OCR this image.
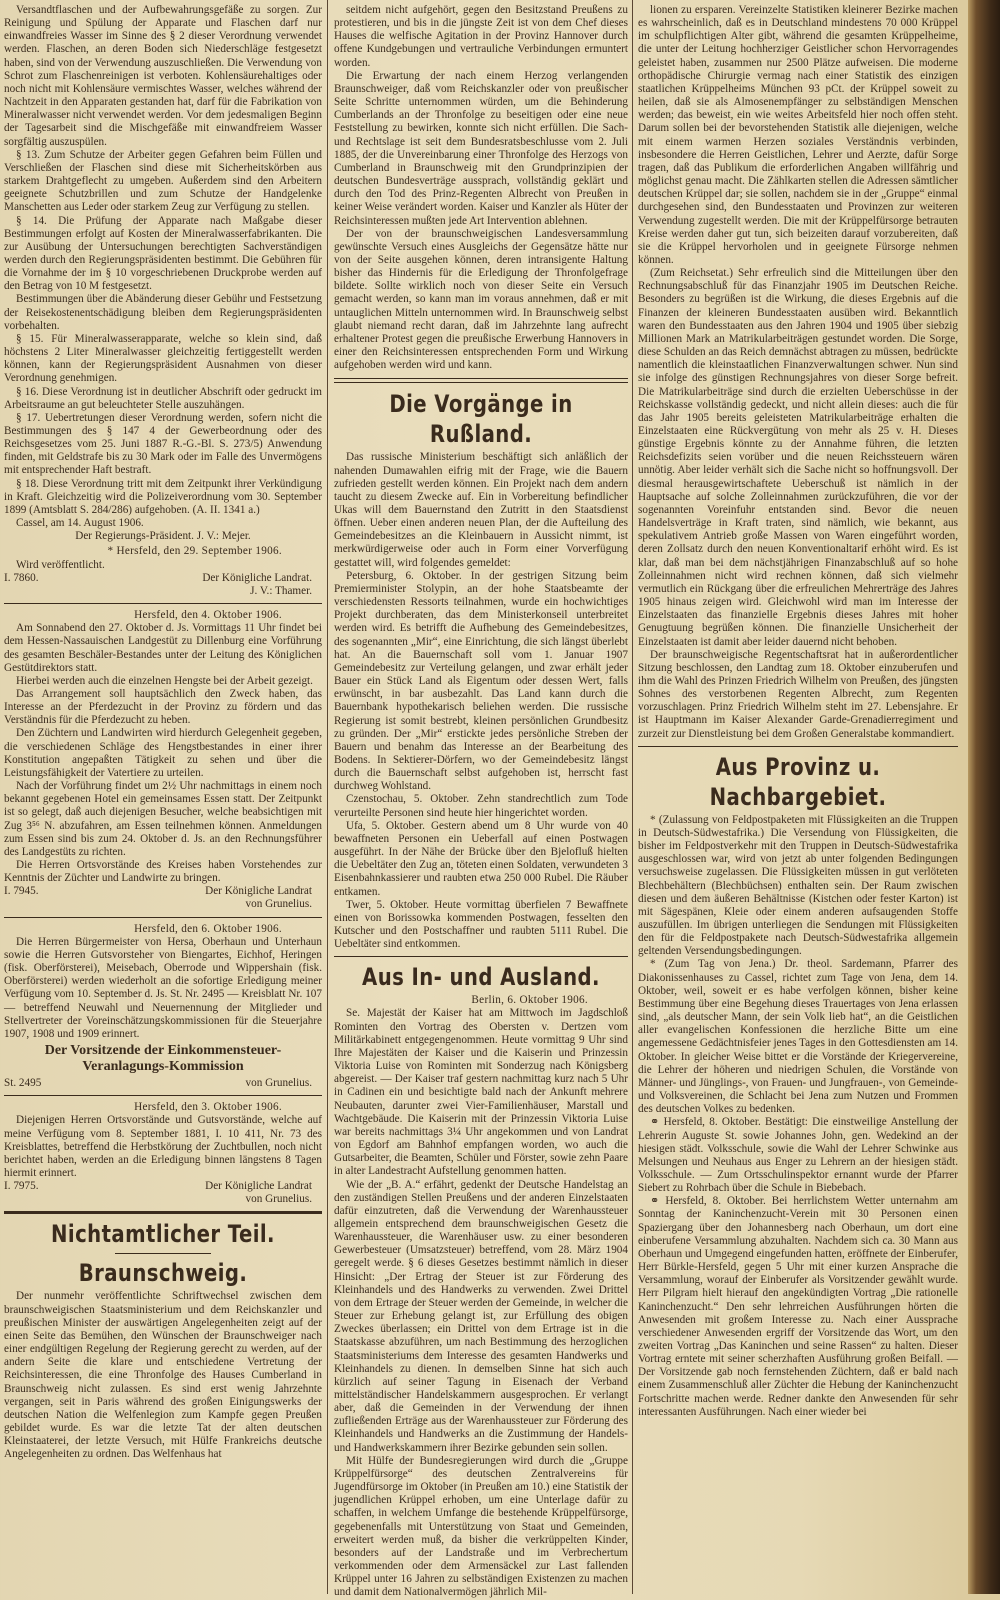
Versandtflaschen und der Aufbewahrungsgefäße zu sorgen. Zur Reinigung und Spülung der Apparate und Flaschen darf nur einwandfreies Wasser im Sinne des § 2 dieser Verordnung verwendet werden. Flaschen, an deren Boden sich Niederschläge festgesetzt haben, sind von der Verwendung auszuschließen. Die Verwendung von Schrot zum Flaschenreinigen ist verboten. Kohlensäurehaltiges oder noch nicht mit Kohlensäure vermischtes Wasser, welches während der Nachtzeit in den Apparaten gestanden hat, darf für die Fabrikation von Mineralwasser nicht verwendet werden. Vor dem jedesmaligen Beginn der Tagesarbeit sind die Mischgefäße mit einwandfreiem Wasser sorgfältig auszuspülen.

§ 13. Zum Schutze der Arbeiter gegen Gefahren beim Füllen und Verschließen der Flaschen sind diese mit Sicherheitskörben aus starkem Drahtgeflecht zu umgeben. Außerdem sind den Arbeitern geeignete Schutzbrillen und zum Schutze der Handgelenke Manschetten aus Leder oder starkem Zeug zur Verfügung zu stellen.

§ 14. Die Prüfung der Apparate nach Maßgabe dieser Bestimmungen erfolgt auf Kosten der Mineralwasserfabrikanten. Die zur Ausübung der Untersuchungen berechtigten Sachverständigen werden durch den Regierungspräsidenten bestimmt. Die Gebühren für die Vornahme der im § 10 vorgeschriebenen Druckprobe werden auf den Betrag von 10 M festgesetzt.

Bestimmungen über die Abänderung dieser Gebühr und Festsetzung der Reisekostenentschädigung bleiben dem Regierungspräsidenten vorbehalten.

§ 15. Für Mineralwasserapparate, welche so klein sind, daß höchstens 2 Liter Mineralwasser gleichzeitig fertiggestellt werden können, kann der Regierungspräsident Ausnahmen von dieser Verordnung genehmigen.

§ 16. Diese Verordnung ist in deutlicher Abschrift oder gedruckt im Arbeitsraume an gut beleuchteter Stelle auszuhängen.

§ 17. Uebertretungen dieser Verordnung werden, sofern nicht die Bestimmungen des § 147 4 der Gewerbeordnung oder des Reichsgesetzes vom 25. Juni 1887 R.-G.-Bl. S. 273/5) Anwendung finden, mit Geldstrafe bis zu 30 Mark oder im Falle des Unvermögens mit entsprechender Haft bestraft.

§ 18. Diese Verordnung tritt mit dem Zeitpunkt ihrer Verkündigung in Kraft. Gleichzeitig wird die Polizeiverordnung vom 30. September 1899 (Amtsblatt S. 284/286) aufgehoben. (A. II. 1341 a.)

Cassel, am 14. August 1906.

Der Regierungs-Präsident. J. V.: Mejer.

* Hersfeld, den 29. September 1906.

Wird veröffentlicht.

I. 7860.	Der Königliche Landrat.

J. V.: Thamer.

Hersfeld, den 4. Oktober 1906.

Am Sonnabend den 27. Oktober d. Js. Vormittags 11 Uhr findet bei dem Hessen-Nassauischen Landgestüt zu Dillenburg eine Vorführung des gesamten Beschäler-Bestandes unter der Leitung des Königlichen Gestütdirektors statt.

Hierbei werden auch die einzelnen Hengste bei der Arbeit gezeigt.

Das Arrangement soll hauptsächlich den Zweck haben, das Interesse an der Pferdezucht in der Provinz zu fördern und das Verständnis für die Pferdezucht zu heben.

Den Züchtern und Landwirten wird hierdurch Gelegenheit gegeben, die verschiedenen Schläge des Hengstbestandes in einer ihrer Konstitution angepaßten Tätigkeit zu sehen und über die Leistungsfähigkeit der Vatertiere zu urteilen.

Nach der Vorführung findet um 2½ Uhr nachmittags in einem noch bekannt gegebenen Hotel ein gemeinsames Essen statt. Der Zeitpunkt ist so gelegt, daß auch diejenigen Besucher, welche beabsichtigen mit Zug 3⁵⁶ N. abzufahren, am Essen teilnehmen können. Anmeldungen zum Essen sind bis zum 24. Oktober d. Js. an den Rechnungsführer des Landgestüts zu richten.

Die Herren Ortsvorstände des Kreises haben Vorstehendes zur Kenntnis der Züchter und Landwirte zu bringen.

I. 7945.	Der Königliche Landrat

von Grunelius.

Hersfeld, den 6. Oktober 1906.

Die Herren Bürgermeister von Hersa, Oberhaun und Unterhaun sowie die Herren Gutsvorsteher von Biengartes, Eichhof, Heringen (fisk. Oberförsterei), Meisebach, Oberrode und Wippershain (fisk. Oberförsterei) werden wiederholt an die sofortige Erledigung meiner Verfügung vom 10. September d. Js. St. Nr. 2495 — Kreisblatt Nr. 107 — betreffend Neuwahl und Neuernennung der Mitglieder und Stellvertreter der Voreinschätzungskommissionen für die Steuerjahre 1907, 1908 und 1909 erinnert.

Der Vorsitzende der Einkommensteuer-Veranlagungs-Kommission

St. 2495	von Grunelius.

Hersfeld, den 3. Oktober 1906.

Diejenigen Herren Ortsvorstände und Gutsvorstände, welche auf meine Verfügung vom 8. September 1881, I. 10 411, Nr. 73 des Kreisblattes, betreffend die Herbstkörung der Zuchtbullen, noch nicht berichtet haben, werden an die Erledigung binnen längstens 8 Tagen hiermit erinnert.

I. 7975.	Der Königliche Landrat

von Grunelius.

Nichtamtlicher Teil.
Braunschweig.

Der nunmehr veröffentlichte Schriftwechsel zwischen dem braunschweigischen Staatsministerium und dem Reichskanzler und preußischen Minister der auswärtigen Angelegenheiten zeigt auf der einen Seite das Bemühen, den Wünschen der Braunschweiger nach einer endgültigen Regelung der Regierung gerecht zu werden, auf der andern Seite die klare und entschiedene Vertretung der Reichsinteressen, die eine Thronfolge des Hauses Cumberland in Braunschweig nicht zulassen. Es sind erst wenig Jahrzehnte vergangen, seit in Paris während des großen Einigungswerks der deutschen Nation die Welfenlegion zum Kampfe gegen Preußen gebildet wurde. Es war die letzte Tat der alten deutschen Kleinstaaterei, der letzte Versuch, mit Hülfe Frankreichs deutsche Angelegenheiten zu ordnen. Das Welfenhaus hat

seitdem nicht aufgehört, gegen den Besitzstand Preußens zu protestieren, und bis in die jüngste Zeit ist von dem Chef dieses Hauses die welfische Agitation in der Provinz Hannover durch offene Kundgebungen und vertrauliche Verbindungen ermuntert worden.

Die Erwartung der nach einem Herzog verlangenden Braunschweiger, daß vom Reichskanzler oder von preußischer Seite Schritte unternommen würden, um die Behinderung Cumberlands an der Thronfolge zu beseitigen oder eine neue Feststellung zu bewirken, konnte sich nicht erfüllen. Die Sach- und Rechtslage ist seit dem Bundesratsbeschlusse vom 2. Juli 1885, der die Unvereinbarung einer Thronfolge des Herzogs von Cumberland in Braunschweig mit den Grundprinzipien der deutschen Bundesverträge aussprach, vollständig geklärt und durch den Tod des Prinz-Regenten Albrecht von Preußen in keiner Weise verändert worden. Kaiser und Kanzler als Hüter der Reichsinteressen mußten jede Art Intervention ablehnen.

Der von der braunschweigischen Landesversammlung gewünschte Versuch eines Ausgleichs der Gegensätze hätte nur von der Seite ausgehen können, deren intransigente Haltung bisher das Hindernis für die Erledigung der Thronfolgefrage bildete. Sollte wirklich noch von dieser Seite ein Versuch gemacht werden, so kann man im voraus annehmen, daß er mit untauglichen Mitteln unternommen wird. In Braunschweig selbst glaubt niemand recht daran, daß im Jahrzehnte lang aufrecht erhaltener Protest gegen die preußische Erwerbung Hannovers in einer den Reichsinteressen entsprechenden Form und Wirkung aufgehoben werden wird und kann.

Die Vorgänge in Rußland.

Das russische Ministerium beschäftigt sich anläßlich der nahenden Dumawahlen eifrig mit der Frage, wie die Bauern zufrieden gestellt werden können. Ein Projekt nach dem andern taucht zu diesem Zwecke auf. Ein in Vorbereitung befindlicher Ukas will dem Bauernstand den Zutritt in den Staatsdienst öffnen. Ueber einen anderen neuen Plan, der die Aufteilung des Gemeindebesitzes an die Kleinbauern in Aussicht nimmt, ist merkwürdigerweise oder auch in Form einer Vorverfügung gestattet will, wird folgendes gemeldet:

Petersburg, 6. Oktober. In der gestrigen Sitzung beim Premierminister Stolypin, an der hohe Staatsbeamte der verschiedensten Ressorts teilnahmen, wurde ein hochwichtiges Projekt durchberaten, das dem Ministerkonseil unterbreitet werden wird. Es betrifft die Aufhebung des Gemeindebesitzes, des sogenannten „Mir“, eine Einrichtung, die sich längst überlebt hat. An die Bauernschaft soll vom 1. Januar 1907 Gemeindebesitz zur Verteilung gelangen, und zwar erhält jeder Bauer ein Stück Land als Eigentum oder dessen Wert, falls erwünscht, in bar ausbezahlt. Das Land kann durch die Bauernbank hypothekarisch beliehen werden. Die russische Regierung ist somit bestrebt, kleinen persönlichen Grundbesitz zu gründen. Der „Mir“ erstickte jedes persönliche Streben der Bauern und benahm das Interesse an der Bearbeitung des Bodens. In Sektierer-Dörfern, wo der Gemeindebesitz längst durch die Bauernschaft selbst aufgehoben ist, herrscht fast durchweg Wohlstand.

Czenstochau, 5. Oktober. Zehn standrechtlich zum Tode verurteilte Personen sind heute hier hingerichtet worden.

Ufa, 5. Oktober. Gestern abend um 8 Uhr wurde von 40 bewaffneten Personen ein Ueberfall auf einen Postwagen ausgeführt. In der Nähe der Brücke über den Bjelofluß hielten die Uebeltäter den Zug an, töteten einen Soldaten, verwundeten 3 Eisenbahnkassierer und raubten etwa 250 000 Rubel. Die Räuber entkamen.

Twer, 5. Oktober. Heute vormittag überfielen 7 Bewaffnete einen von Borissowka kommenden Postwagen, fesselten den Kutscher und den Postschaffner und raubten 5111 Rubel. Die Uebeltäter sind entkommen.

Aus In- und Ausland.

Berlin, 6. Oktober 1906.

Se. Majestät der Kaiser hat am Mittwoch im Jagdschloß Rominten den Vortrag des Obersten v. Dertzen vom Militärkabinett entgegengenommen. Heute vormittag 9 Uhr sind Ihre Majestäten der Kaiser und die Kaiserin und Prinzessin Viktoria Luise von Rominten mit Sonderzug nach Königsberg abgereist. — Der Kaiser traf gestern nachmittag kurz nach 5 Uhr in Cadinen ein und besichtigte bald nach der Ankunft mehrere Neubauten, darunter zwei Vier-Familienhäuser, Marstall und Wachtgebäude. Die Kaiserin mit der Prinzessin Viktoria Luise war bereits nachmittags 3¼ Uhr angekommen und von Landrat von Egdorf am Bahnhof empfangen worden, wo auch die Gutsarbeiter, die Beamten, Schüler und Förster, sowie zehn Paare in alter Landestracht Aufstellung genommen hatten.

Wie der „B. A.“ erfährt, gedenkt der Deutsche Handelstag an den zuständigen Stellen Preußens und der anderen Einzelstaaten dafür einzutreten, daß die Verwendung der Warenhaussteuer allgemein entsprechend dem braunschweigischen Gesetz die Warenhaussteuer, die Warenhäuser usw. zu einer besonderen Gewerbesteuer (Umsatzsteuer) betreffend, vom 28. März 1904 geregelt werde. § 6 dieses Gesetzes bestimmt nämlich in dieser Hinsicht: „Der Ertrag der Steuer ist zur Förderung des Kleinhandels und des Handwerks zu verwenden. Zwei Drittel von dem Ertrage der Steuer werden der Gemeinde, in welcher die Steuer zur Erhebung gelangt ist, zur Erfüllung des obigen Zweckes überlassen; ein Drittel von dem Ertrage ist in die Staatskasse abzuführen, um nach Bestimmung des herzoglichen Staatsministeriums dem Interesse des gesamten Handwerks und Kleinhandels zu dienen. In demselben Sinne hat sich auch kürzlich auf seiner Tagung in Eisenach der Verband mittelständischer Handelskammern ausgesprochen. Er verlangt aber, daß die Gemeinden in der Verwendung der ihnen zufließenden Erträge aus der Warenhaussteuer zur Förderung des Kleinhandels und Handwerks an die Zustimmung der Handels- und Handwerkskammern ihrer Bezirke gebunden sein sollen.

Mit Hülfe der Bundesregierungen wird durch die „Gruppe Krüppelfürsorge“ des deutschen Zentralvereins für Jugendfürsorge im Oktober (in Preußen am 10.) eine Statistik der jugendlichen Krüppel erhoben, um eine Unterlage dafür zu schaffen, in welchem Umfange die bestehende Krüppelfürsorge, gegebenenfalls mit Unterstützung von Staat und Gemeinden, erweitert werden muß, da bisher die verkrüppelten Kinder, besonders auf der Landstraße und im Verbrechertum verkommenden oder dem Armensäckel zur Last fallenden Krüppel unter 16 Jahren zu selbständigen Existenzen zu machen und damit dem Nationalvermögen jährlich Mil-

lionen zu ersparen. Vereinzelte Statistiken kleinerer Bezirke machen es wahrscheinlich, daß es in Deutschland mindestens 70 000 Krüppel im schulpflichtigen Alter gibt, während die gesamten Krüppelheime, die unter der Leitung hochherziger Geistlicher schon Hervorragendes geleistet haben, zusammen nur 2500 Plätze aufweisen. Die moderne orthopädische Chirurgie vermag nach einer Statistik des einzigen staatlichen Krüppelheims München 93 pCt. der Krüppel soweit zu heilen, daß sie als Almosenempfänger zu selbständigen Menschen werden; das beweist, ein wie weites Arbeitsfeld hier noch offen steht. Darum sollen bei der bevorstehenden Statistik alle diejenigen, welche mit einem warmen Herzen soziales Verständnis verbinden, insbesondere die Herren Geistlichen, Lehrer und Aerzte, dafür Sorge tragen, daß das Publikum die erforderlichen Angaben willfährig und möglichst genau macht. Die Zählkarten stellen die Adressen sämtlicher deutschen Krüppel dar; sie sollen, nachdem sie in der „Gruppe“ einmal durchgesehen sind, den Bundesstaaten und Provinzen zur weiteren Verwendung zugestellt werden. Die mit der Krüppelfürsorge betrauten Kreise werden daher gut tun, sich beizeiten darauf vorzubereiten, daß sie die Krüppel hervorholen und in geeignete Fürsorge nehmen können.

(Zum Reichsetat.) Sehr erfreulich sind die Mitteilungen über den Rechnungsabschluß für das Finanzjahr 1905 im Deutschen Reiche. Besonders zu begrüßen ist die Wirkung, die dieses Ergebnis auf die Finanzen der kleineren Bundesstaaten ausüben wird. Bekanntlich waren den Bundesstaaten aus den Jahren 1904 und 1905 über siebzig Millionen Mark an Matrikularbeiträgen gestundet worden. Die Sorge, diese Schulden an das Reich demnächst abtragen zu müssen, bedrückte namentlich die kleinstaatlichen Finanzverwaltungen schwer. Nun sind sie infolge des günstigen Rechnungsjahres von dieser Sorge befreit. Die Matrikularbeiträge sind durch die erzielten Ueberschüsse in der Reichskasse vollständig gedeckt, und nicht allein dieses: auch die für das Jahr 1905 bereits geleisteten Matrikularbeiträge erhalten die Einzelstaaten eine Rückvergütung von mehr als 25 v. H. Dieses günstige Ergebnis könnte zu der Annahme führen, die letzten Reichsdefizits seien vorüber und die neuen Reichssteuern wären unnötig. Aber leider verhält sich die Sache nicht so hoffnungsvoll. Der diesmal herausgewirtschaftete Ueberschuß ist nämlich in der Hauptsache auf solche Zolleinnahmen zurückzuführen, die vor der sogenannten Voreinfuhr entstanden sind. Bevor die neuen Handelsverträge in Kraft traten, sind nämlich, wie bekannt, aus spekulativem Antrieb große Massen von Waren eingeführt worden, deren Zollsatz durch den neuen Konventionaltarif erhöht wird. Es ist klar, daß man bei dem nächstjährigen Finanzabschluß auf so hohe Zolleinnahmen nicht wird rechnen können, daß sich vielmehr vermutlich ein Rückgang über die erfreulichen Mehrerträge des Jahres 1905 hinaus zeigen wird. Gleichwohl wird man im Interesse der Einzelstaaten das finanzielle Ergebnis dieses Jahres mit hoher Genugtuung begrüßen können. Die finanzielle Unsicherheit der Einzelstaaten ist damit aber leider dauernd nicht behoben.

Der braunschweigische Regentschaftsrat hat in außerordentlicher Sitzung beschlossen, den Landtag zum 18. Oktober einzuberufen und ihm die Wahl des Prinzen Friedrich Wilhelm von Preußen, des jüngsten Sohnes des verstorbenen Regenten Albrecht, zum Regenten vorzuschlagen. Prinz Friedrich Wilhelm steht im 27. Lebensjahre. Er ist Hauptmann im Kaiser Alexander Garde-Grenadierregiment und zurzeit zur Dienstleistung bei dem Großen Generalstabe kommandiert.

Aus Provinz u. Nachbargebiet.

* (Zulassung von Feldpostpaketen mit Flüssigkeiten an die Truppen in Deutsch-Südwestafrika.) Die Versendung von Flüssigkeiten, die bisher im Feldpostverkehr mit den Truppen in Deutsch-Südwestafrika ausgeschlossen war, wird von jetzt ab unter folgenden Bedingungen versuchsweise zugelassen. Die Flüssigkeiten müssen in gut verlöteten Blechbehältern (Blechbüchsen) enthalten sein. Der Raum zwischen diesen und dem äußeren Behältnisse (Kistchen oder fester Karton) ist mit Sägespänen, Kleie oder einem anderen aufsaugenden Stoffe auszufüllen. Im übrigen unterliegen die Sendungen mit Flüssigkeiten den für die Feldpostpakete nach Deutsch-Südwestafrika allgemein geltenden Versendungsbedingungen.

* (Zum Tag von Jena.) Dr. theol. Sardemann, Pfarrer des Diakonissenhauses zu Cassel, richtet zum Tage von Jena, dem 14. Oktober, weil, soweit er es habe verfolgen können, bisher keine Bestimmung über eine Begehung dieses Trauertages von Jena erlassen sind, „als deutscher Mann, der sein Volk lieb hat“, an die Geistlichen aller evangelischen Konfessionen die herzliche Bitte um eine angemessene Gedächtnisfeier jenes Tages in den Gottesdiensten am 14. Oktober. In gleicher Weise bittet er die Vorstände der Kriegervereine, die Lehrer der höheren und niedrigen Schulen, die Vorstände von Männer- und Jünglings-, von Frauen- und Jungfrauen-, von Gemeinde- und Volksvereinen, die Schlacht bei Jena zum Nutzen und Frommen des deutschen Volkes zu bedenken.

⚭ Hersfeld, 8. Oktober. Bestätigt: Die einstweilige Anstellung der Lehrerin Auguste St. sowie Johannes John, gen. Wedekind an der hiesigen städt. Volksschule, sowie die Wahl der Lehrer Schwinke aus Melsungen und Neuhaus aus Enger zu Lehrern an der hiesigen städt. Volksschule. — Zum Ortsschulinspektor ernannt wurde der Pfarrer Siebert zu Rohrbach über die Schule in Biebebach.

⚭ Hersfeld, 8. Oktober. Bei herrlichstem Wetter unternahm am Sonntag der Kaninchenzucht-Verein mit 30 Personen einen Spaziergang über den Johannesberg nach Oberhaun, um dort eine einberufene Versammlung abzuhalten. Nachdem sich ca. 30 Mann aus Oberhaun und Umgegend eingefunden hatten, eröffnete der Einberufer, Herr Bürkle-Hersfeld, gegen 5 Uhr mit einer kurzen Ansprache die Versammlung, worauf der Einberufer als Vorsitzender gewählt wurde. Herr Pilgram hielt hierauf den angekündigten Vortrag „Die rationelle Kaninchenzucht.“ Den sehr lehrreichen Ausführungen hörten die Anwesenden mit großem Interesse zu. Nach einer Aussprache verschiedener Anwesenden ergriff der Vorsitzende das Wort, um den zweiten Vortrag „Das Kaninchen und seine Rassen“ zu halten. Dieser Vortrag erntete mit seiner scherzhaften Ausführung großen Beifall. — Der Vorsitzende gab noch fernstehenden Züchtern, daß er bald nach einem Zusammenschluß aller Züchter die Hebung der Kaninchenzucht Fortschritte machen werde. Redner dankte den Anwesenden für sehr interessanten Ausführungen. Nach einer wieder bei
